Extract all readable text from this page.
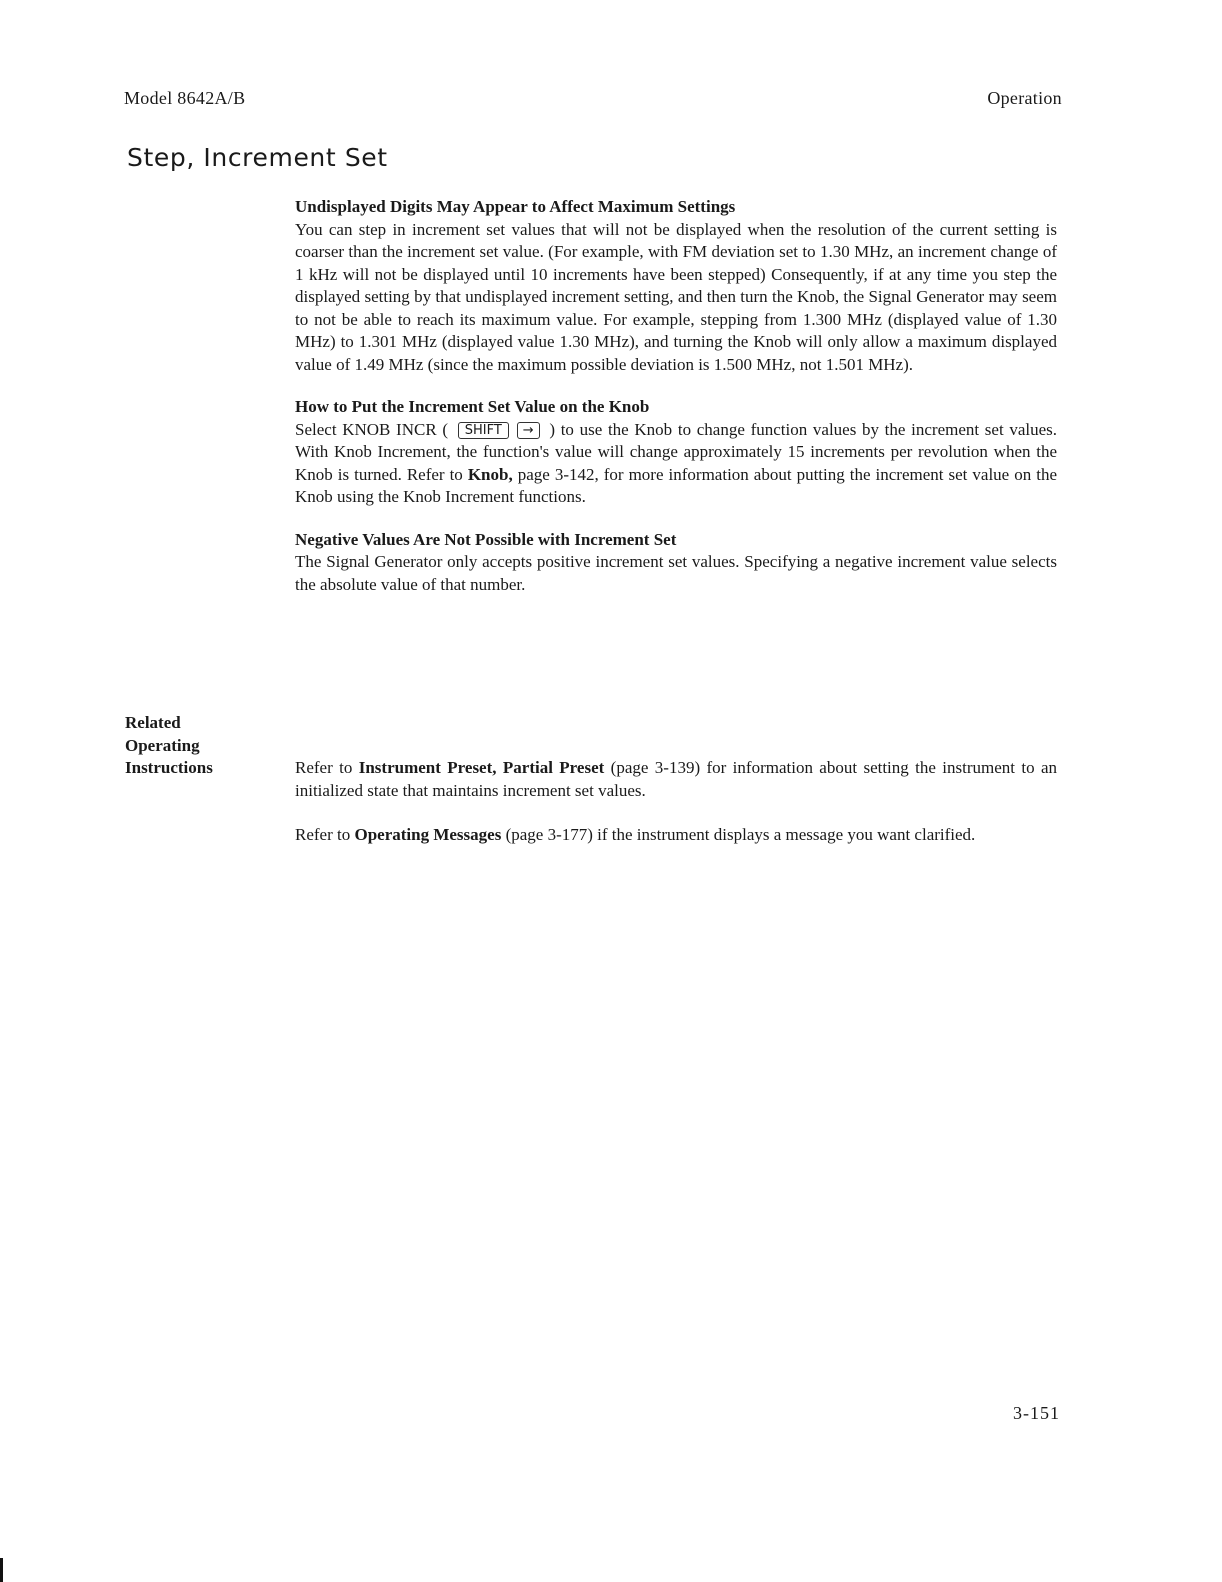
Model 8642A/B	Operation
Step, Increment Set

Undisplayed Digits May Appear to Affect Maximum Settings

You can step in increment set values that will not be displayed when the resolution of the current setting is coarser than the increment set value. (For example, with FM deviation set to 1.30 MHz, an increment change of 1 kHz will not be displayed until 10 increments have been stepped) Consequently, if at any time you step the displayed setting by that undisplayed increment setting, and then turn the Knob, the Signal Generator may seem to not be able to reach its maximum value. For example, stepping from 1.300 MHz (displayed value of 1.30 MHz) to 1.301 MHz (displayed value 1.30 MHz), and turning the Knob will only allow a maximum displayed value of 1.49 MHz (since the maximum possible deviation is 1.500 MHz, not 1.501 MHz).

How to Put the Increment Set Value on the Knob

Select KNOB INCR ( SHIFT → ) to use the Knob to change function values by the increment set values. With Knob Increment, the function's value will change approximately 15 increments per revolution when the Knob is turned. Refer to Knob, page 3-142, for more information about putting the increment set value on the Knob using the Knob Increment functions.

Negative Values Are Not Possible with Increment Set

The Signal Generator only accepts positive increment set values. Specifying a negative increment value selects the absolute value of that number.

Related
Operating
Instructions	Refer to Instrument Preset, Partial Preset (page 3-139) for information about setting the instrument to an initialized state that maintains increment set values.

Refer to Operating Messages (page 3-177) if the instrument displays a message you want clarified.

3-151
